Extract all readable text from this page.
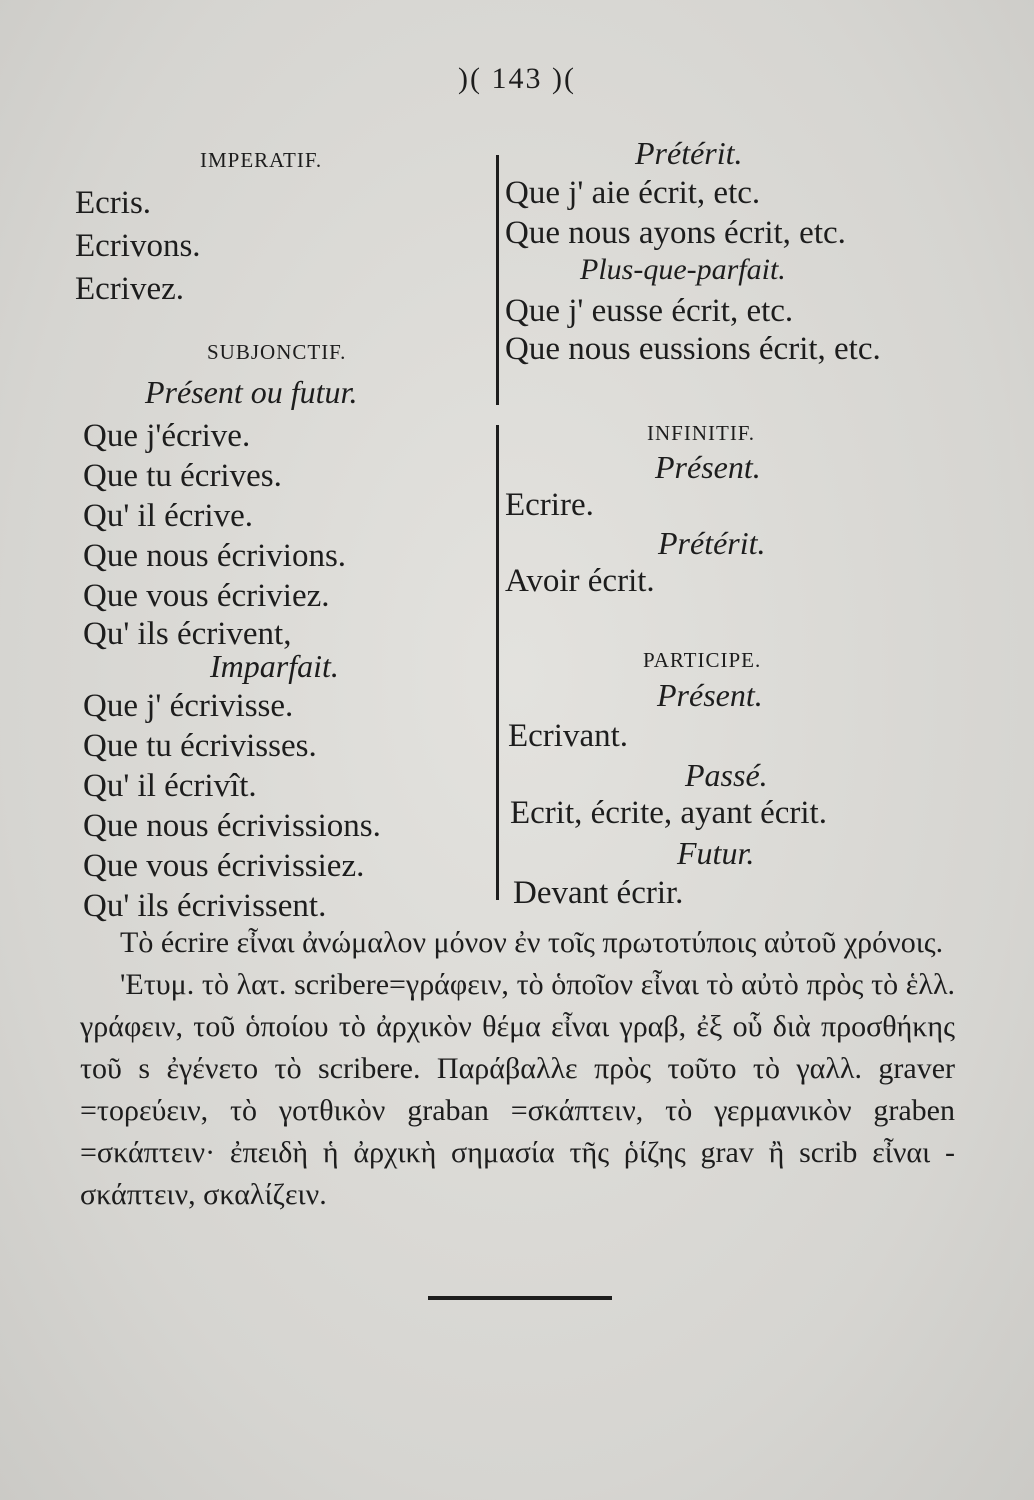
)( 143 )(
IMPERATIF.
Ecris.
Ecrivons.
Ecrivez.
SUBJONCTIF.
Présent ou futur.
Que j'écrive.
Que tu écrives.
Qu' il écrive.
Que nous écrivions.
Que vous écriviez.
Qu' ils écrivent,
Imparfait.
Que j' écrivisse.
Que tu écrivisses.
Qu' il écrivît.
Que nous écrivissions.
Que vous écrivissiez.
Qu' ils écrivissent.
Prétérit.
Que j' aie écrit, etc.
Que nous ayons écrit, etc.
Plus-que-parfait.
Que j' eusse écrit, etc.
Que nous eussions écrit, etc.
INFINITIF.
Présent.
Ecrire.
Prétérit.
Avoir écrit.
PARTICIPE.
Présent.
Ecrivant.
Passé.
Ecrit, écrite, ayant écrit.
Futur.
Devant écrir.

Τὸ écrire εἶναι ἀνώμαλον μόνον ἐν τοῖς πρωτοτύποις αὐτοῦ χρόνοις.

'Ετυμ. τὸ λατ. scribere=γράφειν, τὸ ὁποῖον εἶναι τὸ αὐτὸ πρὸς τὸ ἑλλ. γράφειν, τοῦ ὁποίου τὸ ἀρχικὸν θέμα εἶναι γραβ, ἐξ οὗ διὰ προσθήκης τοῦ s ἐγένετο τὸ scribere. Παράβαλλε πρὸς τοῦτο τὸ γαλλ. graver =τορεύειν, τὸ γοτθικὸν graban =σκάπτειν, τὸ γερμανικὸν graben =σκάπτειν· ἐπειδὴ ἡ ἀρχικὴ σημασία τῆς ῥίζης grav ἢ scrib εἶναι - σκάπτειν, σκαλίζειν.
